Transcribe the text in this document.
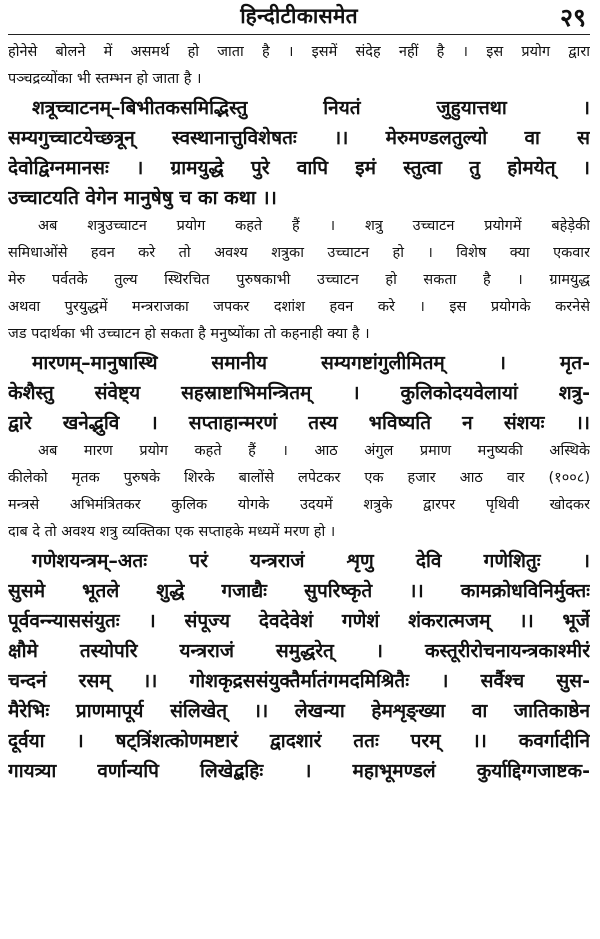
हिन्दीटीकासमेत	२९

होनेसे बोलने में असमर्थ हो जाता है । इसमें संदेह नहीं है । इस प्रयोग द्वारा

पञ्चद्रव्योंका भी स्तम्भन हो जाता है ।

शत्रूच्चाटनम्–बिभीतकसमिद्भिस्तु नियतं जुहुयात्तथा ।

सम्यगुच्चाटयेच्छत्रून् स्वस्थानात्तुविशेषतः ।। मेरुमण्डलतुल्यो वा स

देवोद्विग्नमानसः । ग्रामयुद्धे पुरे वापि इमं स्तुत्वा तु होमयेत् ।

उच्चाटयति वेगेन मानुषेषु च का कथा ।।

अब शत्रुउच्चाटन प्रयोग कहते हैं । शत्रु उच्चाटन प्रयोगमें बहेड़ेकी

समिधाओंसे हवन करे तो अवश्य शत्रुका उच्चाटन हो । विशेष क्या एकवार

मेरु पर्वतके तुल्य स्थिरचित पुरुषकाभी उच्चाटन हो सकता है । ग्रामयुद्ध

अथवा पुरयुद्धमें मन्त्रराजका जपकर दशांश हवन करे । इस प्रयोगके करनेसे

जड पदार्थका भी उच्चाटन हो सकता है मनुष्योंका तो कहनाही क्या है ।

मारणम्–मानुषास्थि समानीय सम्यगष्टांगुलीमितम् । मृत-

केशैस्तु संवेष्ट्य सहस्राष्टाभिमन्त्रितम् । कुलिकोदयवेलायां शत्रु-

द्वारे खनेद्भुवि । सप्ताहान्मरणं तस्य भविष्यति न संशयः ।।

अब मारण प्रयोग कहते हैं । आठ अंगुल प्रमाण मनुष्यकी अस्थिके

कीलेको मृतक पुरुषके शिरके बालोंसे लपेटकर एक हजार आठ वार (१००८)

मन्त्रसे अभिमंत्रितकर कुलिक योगके उदयमें शत्रुके द्वारपर पृथिवी खोदकर

दाब दे तो अवश्य शत्रु व्यक्तिका एक सप्ताहके मध्यमें मरण हो ।

गणेशयन्त्रम्–अतः परं यन्त्रराजं शृणु देवि गणेशितुः ।

सुसमे भूतले शुद्धे गजाद्यैः सुपरिष्कृते ।। कामक्रोधविनिर्मुक्तः

पूर्ववन्न्याससंयुतः । संपूज्य देवदेवेशं गणेशं शंकरात्मजम् ।। भूर्जे

क्षौमे तस्योपरि यन्त्रराजं समुद्धरेत् । कस्तूरीरोचनायन्त्रकाश्मीरं

चन्दनं रसम् ।। गोशकृद्रससंयुक्तैर्मातंगमदमिश्रितैः । सर्वैश्च सुस-

मैरेभिः प्राणमापूर्य संलिखेत् ।। लेखन्या हेमशृङ्ख्या वा जातिकाष्ठेन

दूर्वया । षट्त्रिंशत्कोणमष्टारं द्वादशारं ततः परम् ।। कवर्गादीनि

गायत्र्या वर्णान्यपि लिखेद्बहिः । महाभूमण्डलं कुर्याद्दिग्गजाष्टक-
